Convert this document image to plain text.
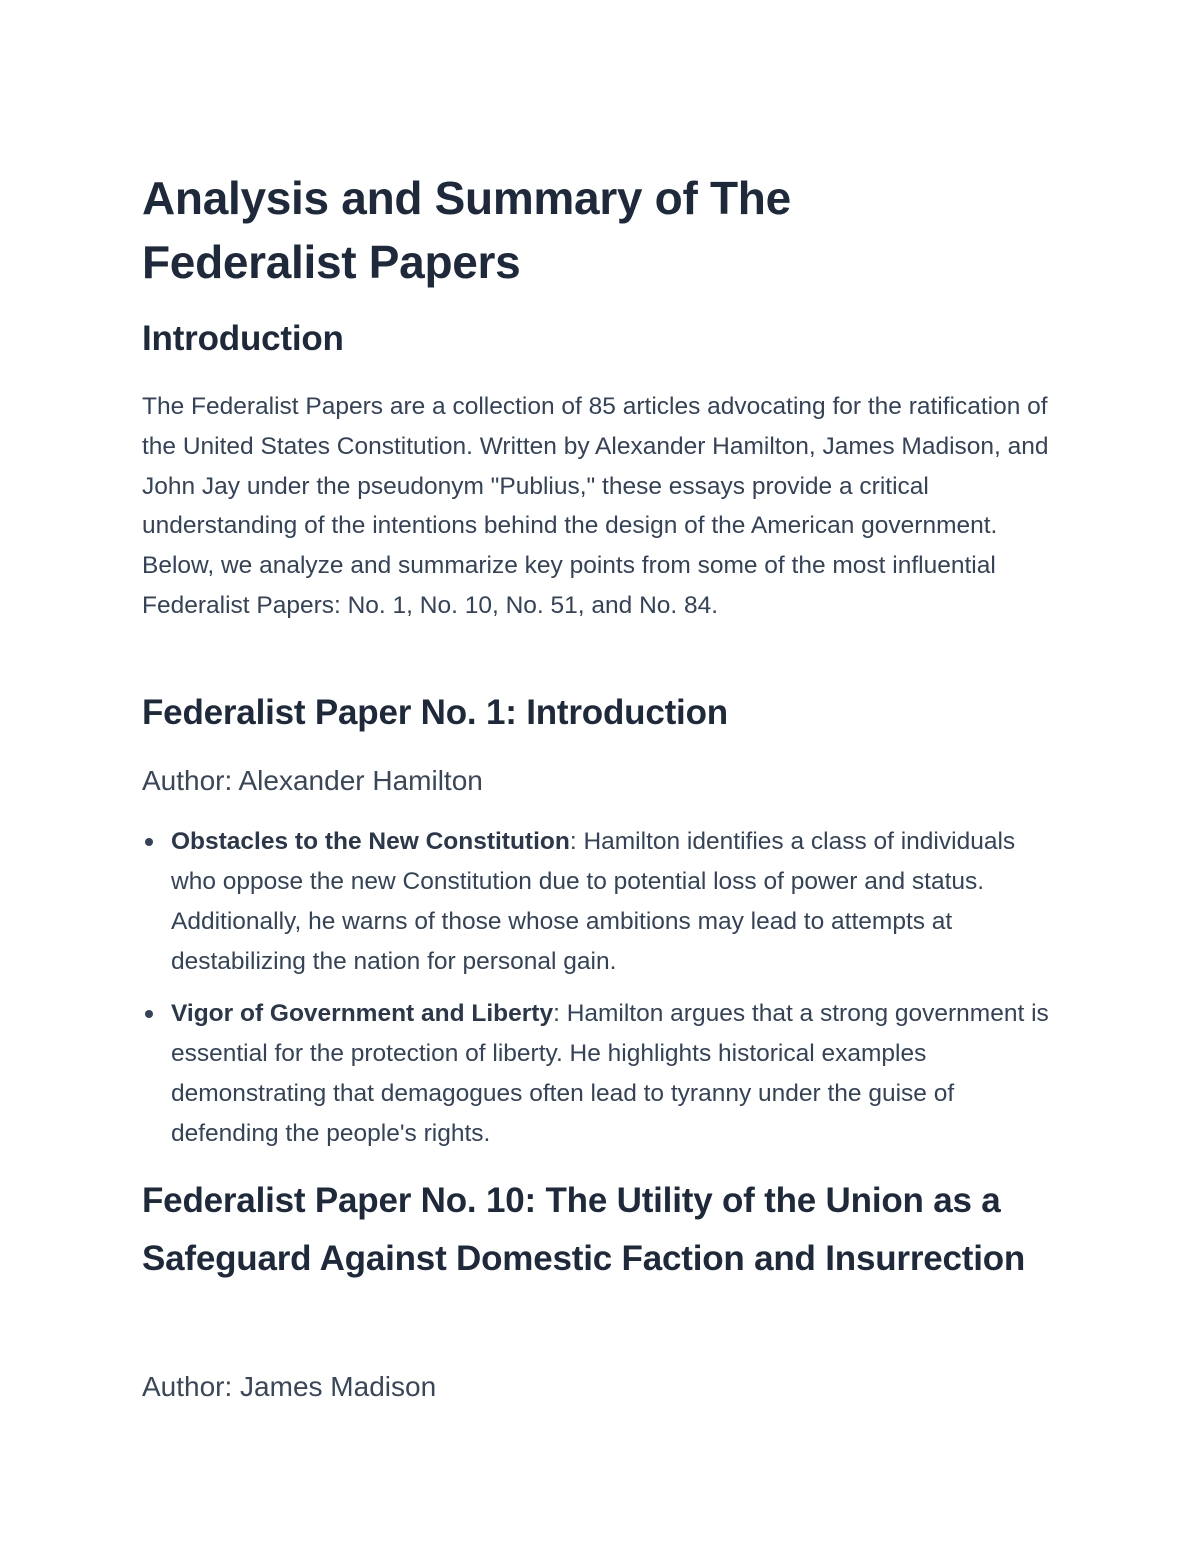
Analysis and Summary of The Federalist Papers
Introduction

The Federalist Papers are a collection of 85 articles advocating for the ratification of the United States Constitution. Written by Alexander Hamilton, James Madison, and John Jay under the pseudonym "Publius," these essays provide a critical understanding of the intentions behind the design of the American government. Below, we analyze and summarize key points from some of the most influential Federalist Papers: No. 1, No. 10, No. 51, and No. 84.

Federalist Paper No. 1: Introduction

Author: Alexander Hamilton

Obstacles to the New Constitution: Hamilton identifies a class of individuals who oppose the new Constitution due to potential loss of power and status. Additionally, he warns of those whose ambitions may lead to attempts at destabilizing the nation for personal gain.
Vigor of Government and Liberty: Hamilton argues that a strong government is essential for the protection of liberty. He highlights historical examples demonstrating that demagogues often lead to tyranny under the guise of defending the people's rights.
Federalist Paper No. 10: The Utility of the Union as a Safeguard Against Domestic Faction and Insurrection

Author: James Madison
